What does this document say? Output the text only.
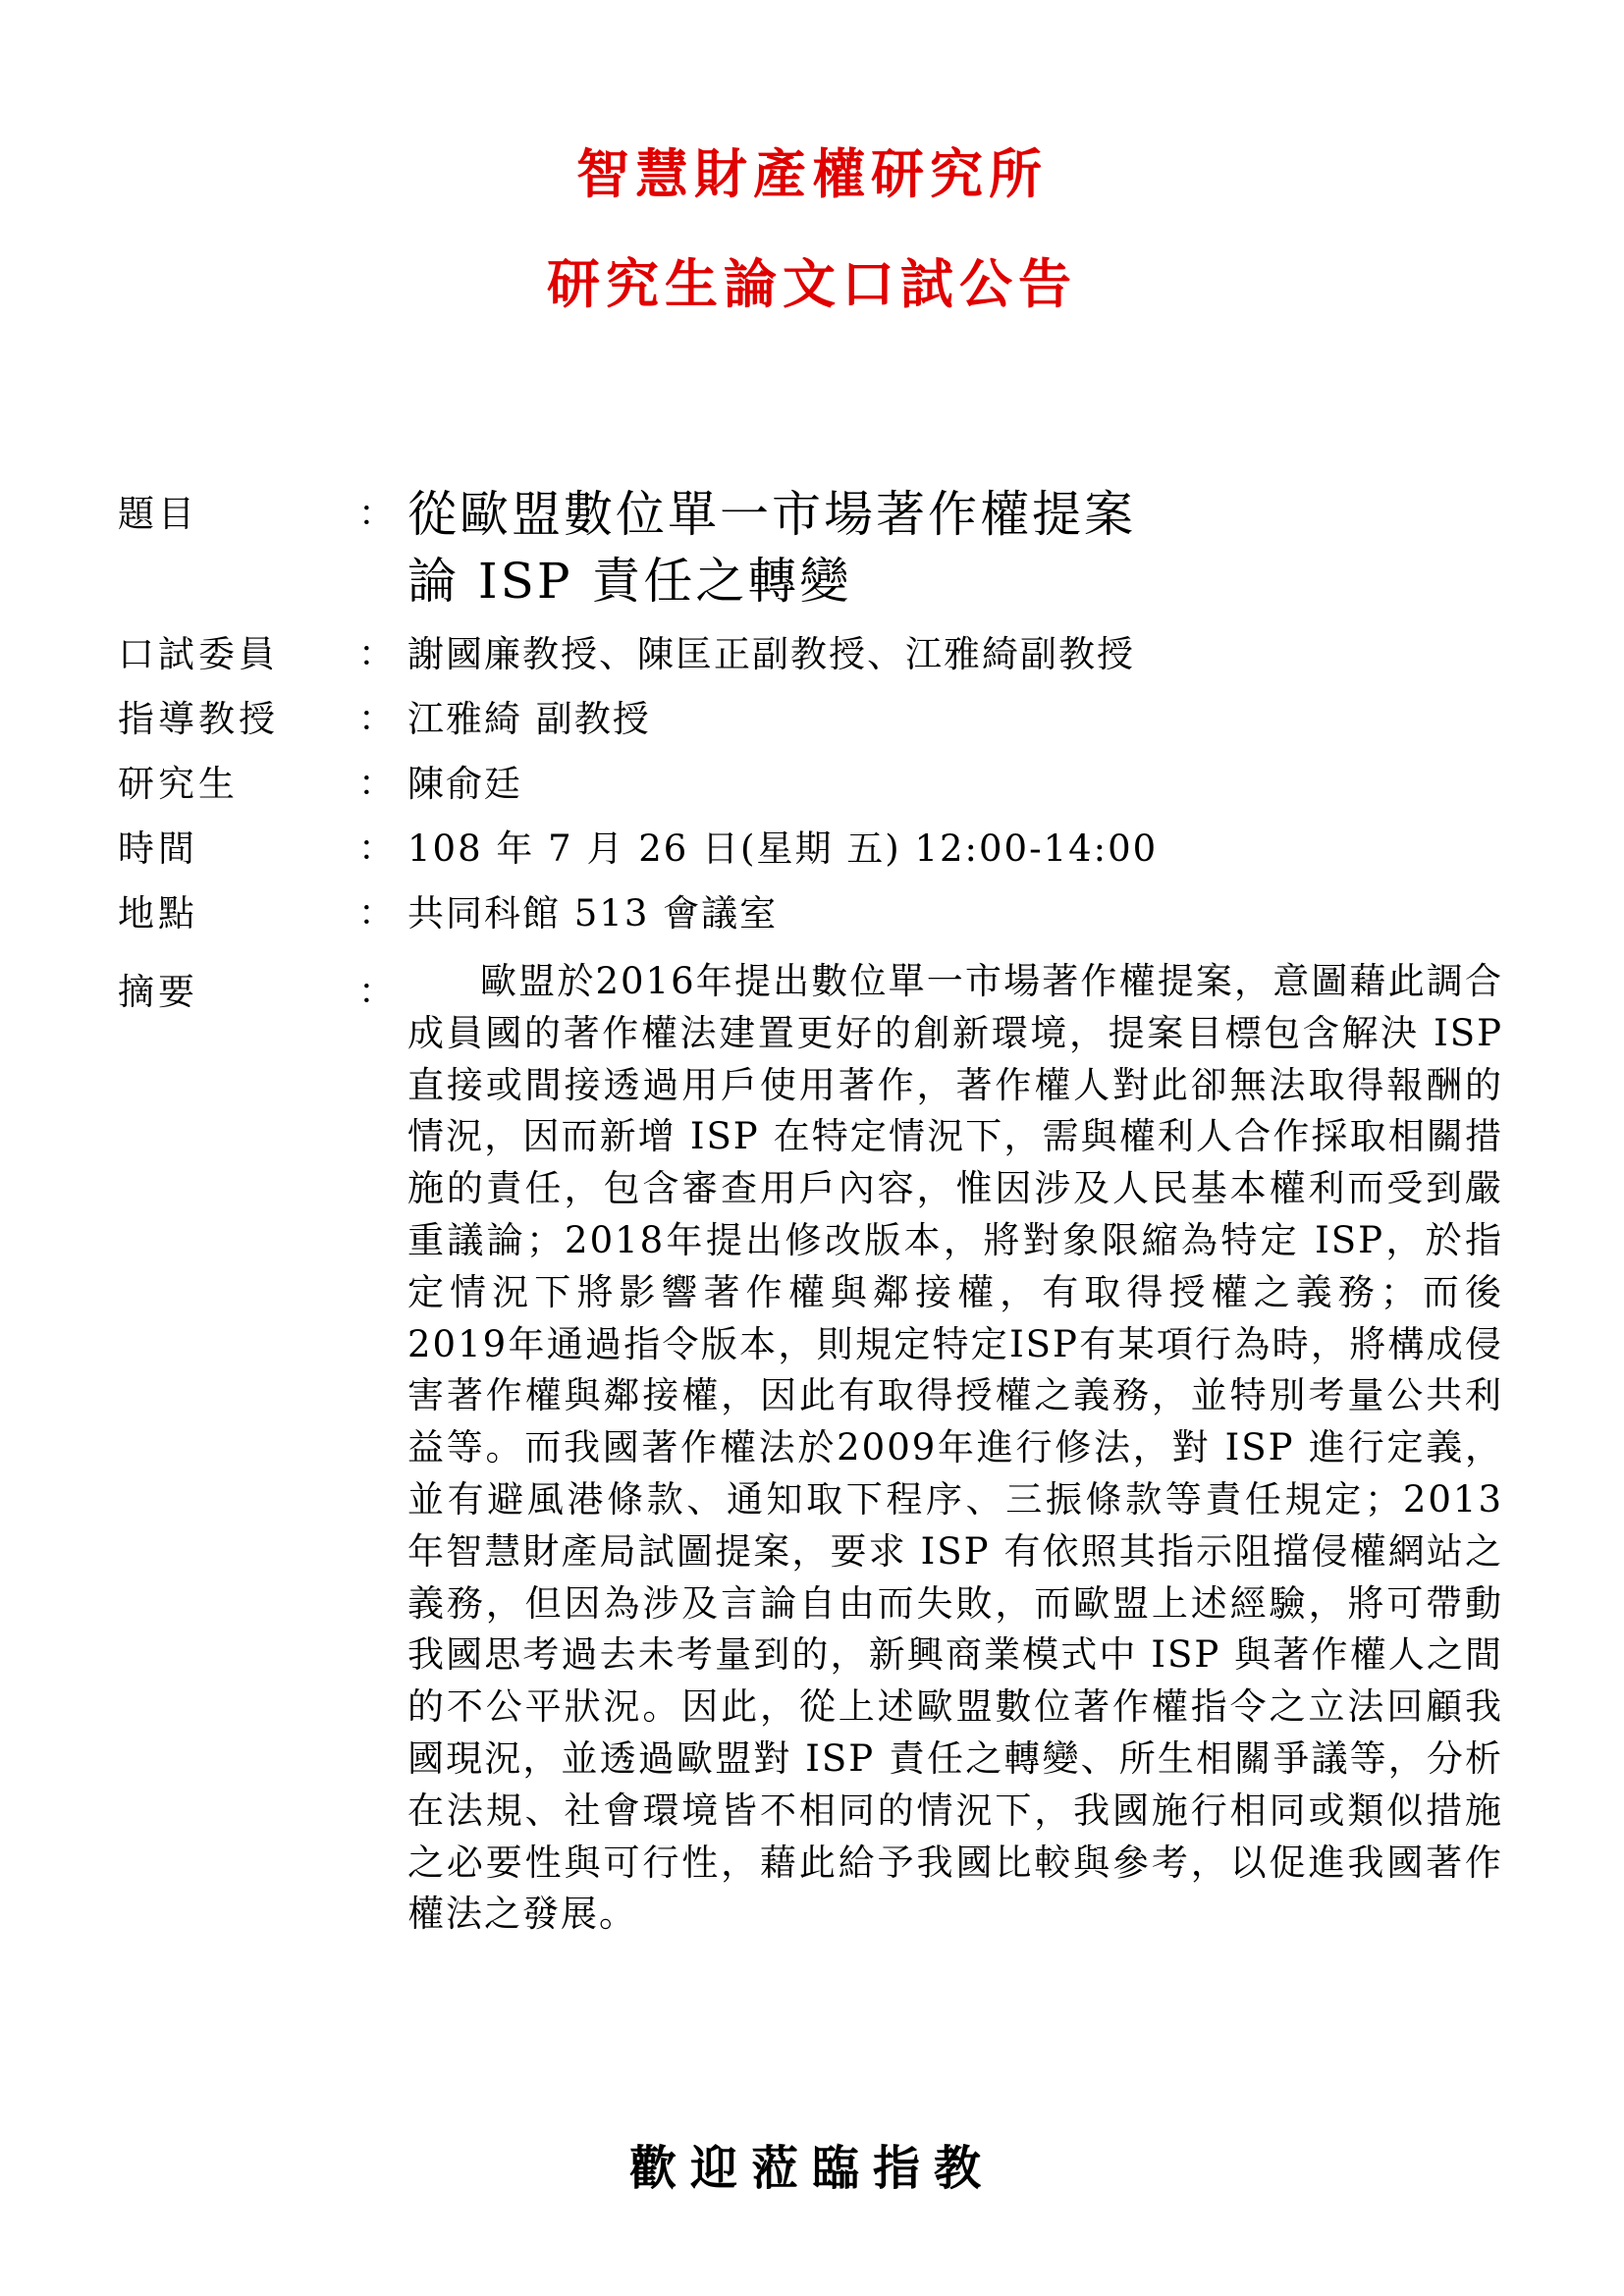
智慧財產權研究所
研究生論文口試公告
題目	： 從歐盟數位單一市場著作權提案
論 ISP 責任之轉變
口試委員	： 謝國廉教授、陳匡正副教授、江雅綺副教授
指導教授	： 江雅綺 副教授
研究生	： 陳俞廷
時間	： 108 年 7 月 26 日(星期 五) 12:00-14:00
地點	： 共同科館 513 會議室
摘要	：	歐盟於2016年提出數位單一市場著作權提案，意圖藉此調合成員國的著作權法建置更好的創新環境，提案目標包含解決 ISP 直接或間接透過用戶使用著作，著作權人對此卻無法取得報酬的情況，因而新增 ISP 在特定情況下，需與權利人合作採取相關措施的責任，包含審查用戶內容，惟因涉及人民基本權利而受到嚴重議論；2018年提出修改版本，將對象限縮為特定 ISP，於指定情況下將影響著作權與鄰接權，有取得授權之義務；而後2019年通過指令版本，則規定特定ISP有某項行為時，將構成侵害著作權與鄰接權，因此有取得授權之義務，並特別考量公共利益等。而我國著作權法於2009年進行修法，對 ISP 進行定義，並有避風港條款、通知取下程序、三振條款等責任規定；2013年智慧財產局試圖提案，要求 ISP 有依照其指示阻擋侵權網站之義務，但因為涉及言論自由而失敗，而歐盟上述經驗，將可帶動我國思考過去未考量到的，新興商業模式中 ISP 與著作權人之間的不公平狀況。因此，從上述歐盟數位著作權指令之立法回顧我國現況，並透過歐盟對 ISP 責任之轉變、所生相關爭議等，分析在法規、社會環境皆不相同的情況下，我國施行相同或類似措施之必要性與可行性，藉此給予我國比較與參考，以促進我國著作權法之發展。
歡迎蒞臨指教
